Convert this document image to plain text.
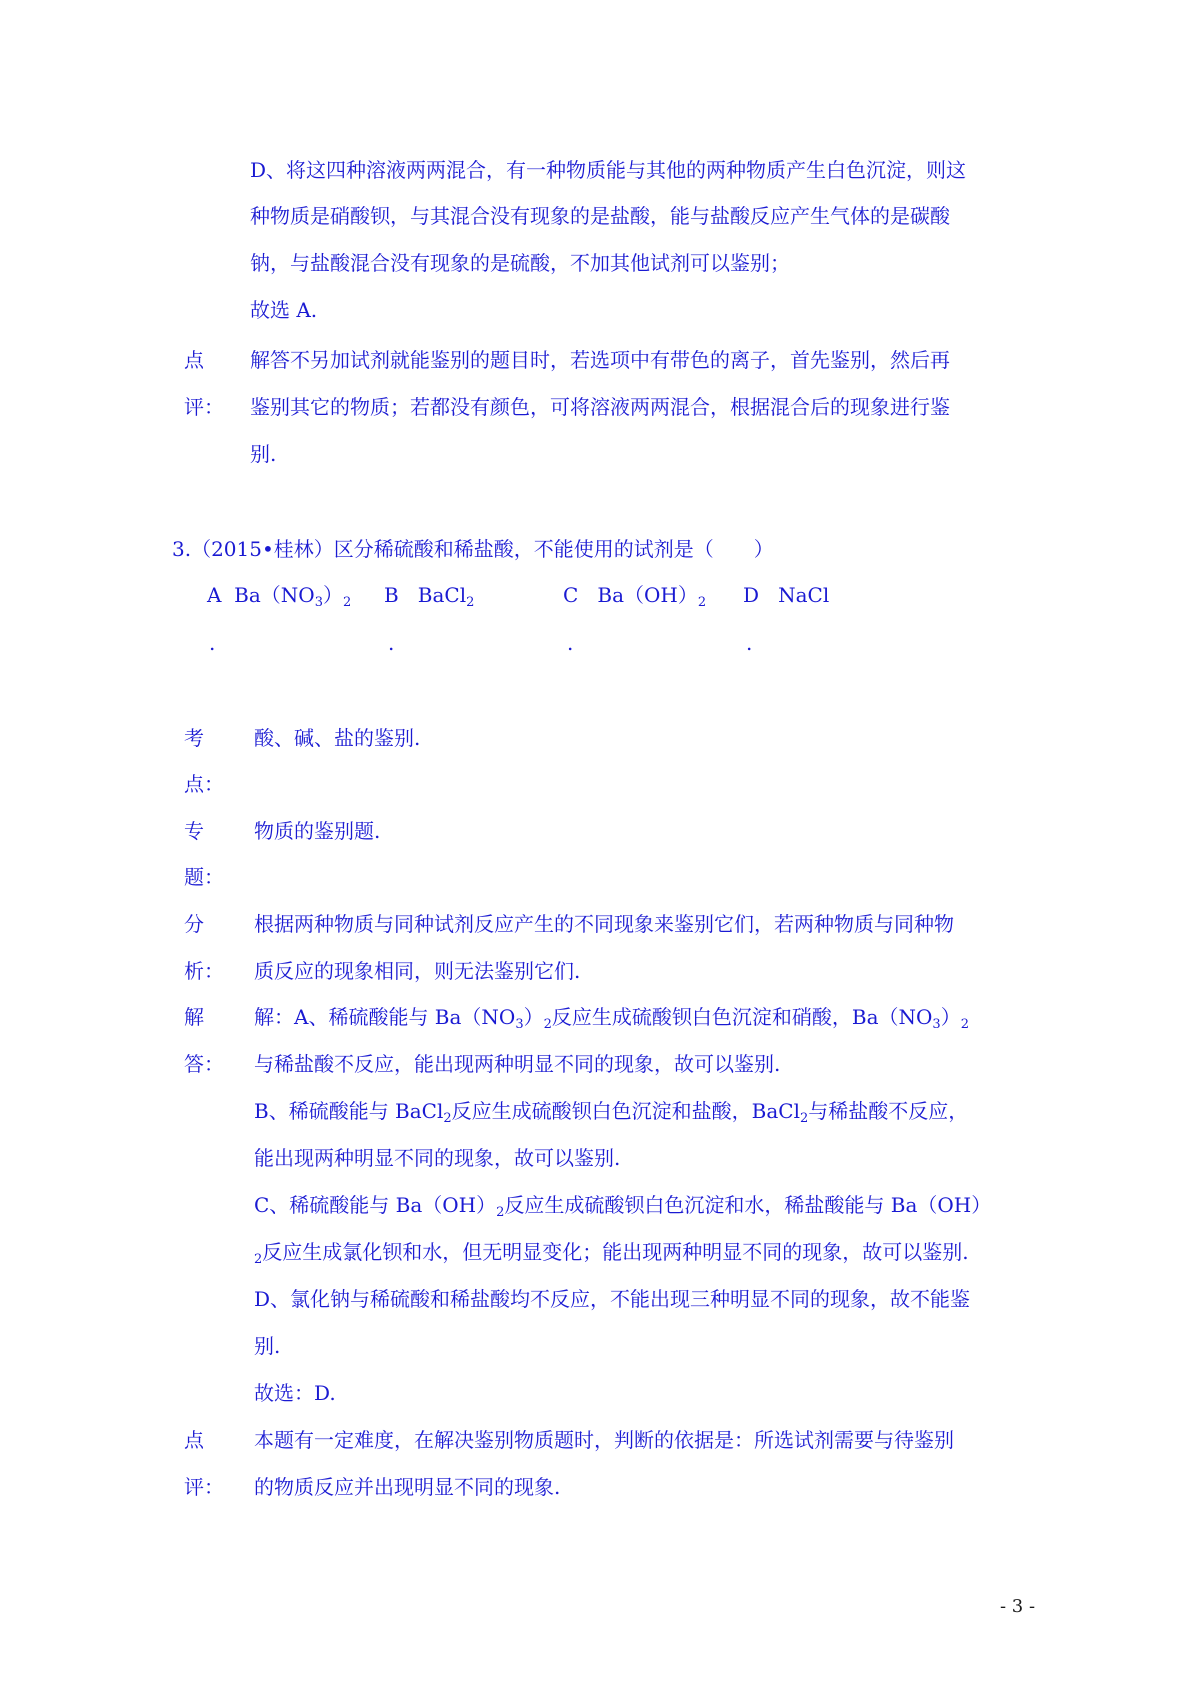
D、将这四种溶液两两混合，有一种物质能与其他的两种物质产生白色沉淀，则这
种物质是硝酸钡，与其混合没有现象的是盐酸，能与盐酸反应产生气体的是碳酸
钠，与盐酸混合没有现象的是硫酸，不加其他试剂可以鉴别；
故选 A.
点
评：
解答不另加试剂就能鉴别的题目时，若选项中有带色的离子，首先鉴别，然后再
鉴别其它的物质；若都没有颜色，可将溶液两两混合，根据混合后的现象进行鉴
别.
3.（2015•桂林）区分稀硫酸和稀盐酸，不能使用的试剂是（　　）
A $Ba(NO_3)_2$ B BaCl$_2$	C $Ba(OH)_2$ D NaCl
.	.	.	.
考
点：
酸、碱、盐的鉴别.
专
题：
物质的鉴别题.
分
析：
根据两种物质与同种试剂反应产生的不同现象来鉴别它们，若两种物质与同种物
质反应的现象相同，则无法鉴别它们.
解
答：
解：A、稀硫酸能与 $Ba(NO_3)_2$反应生成硫酸钡白色沉淀和硝酸，$Ba(NO_3)_2$
与稀盐酸不反应，能出现两种明显不同的现象，故可以鉴别.
B、稀硫酸能与 BaCl$_2$反应生成硫酸钡白色沉淀和盐酸，BaCl$_2$与稀盐酸不反应，
能出现两种明显不同的现象，故可以鉴别.
C、稀硫酸能与 $Ba(OH)_2$反应生成硫酸钡白色沉淀和水，稀盐酸能与 Ba（OH）
$_2$反应生成氯化钡和水，但无明显变化；能出现两种明显不同的现象，故可以鉴别.
D、氯化钠与稀硫酸和稀盐酸均不反应，不能出现三种明显不同的现象，故不能鉴
别.
故选：D.
点
评：
本题有一定难度，在解决鉴别物质题时，判断的依据是：所选试剂需要与待鉴别
的物质反应并出现明显不同的现象.
- 3 -
